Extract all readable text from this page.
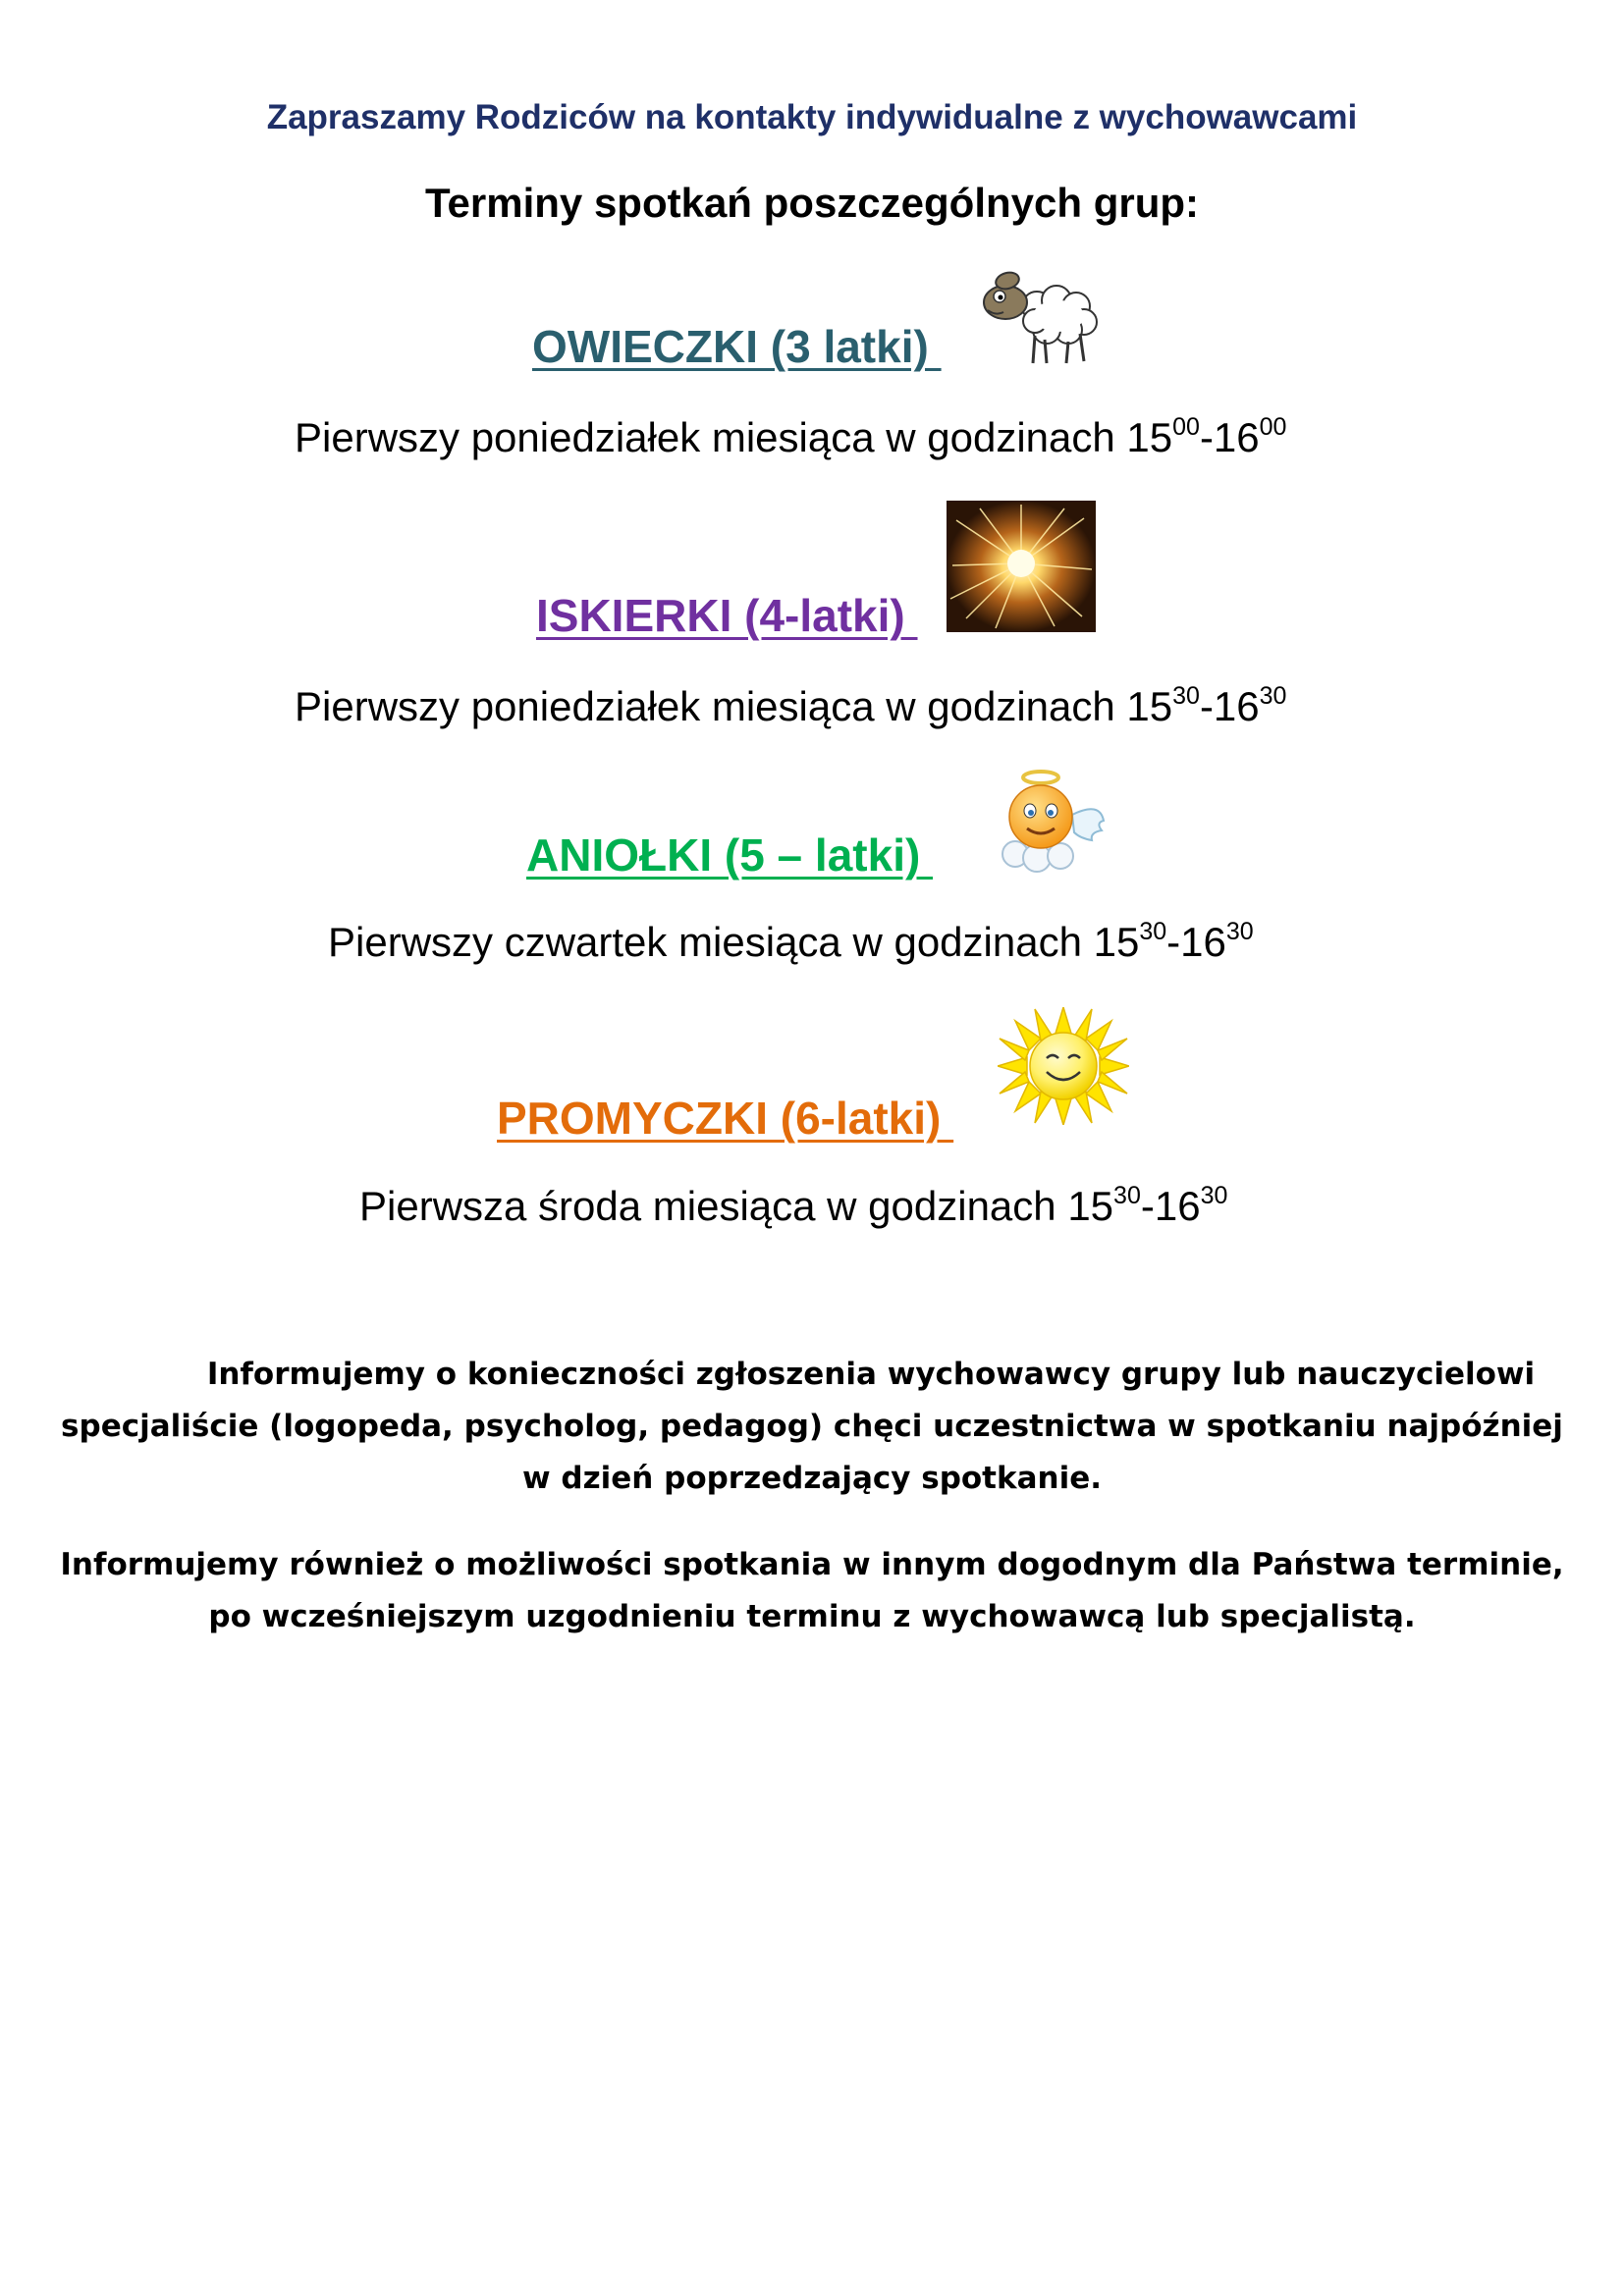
Zapraszamy Rodziców na kontakty indywidualne z wychowawcami
Terminy spotkań poszczególnych grup:
OWIECZKI (3 latki)
Pierwszy poniedziałek miesiąca w godzinach $15^{00}-16^{00}$
ISKIERKI (4-latki)
Pierwszy poniedziałek miesiąca w godzinach $15^{30}-16^{30}$
ANIOŁKI (5 – latki)
Pierwszy czwartek miesiąca w godzinach $15^{30}-16^{30}$
PROMYCZKI (6-latki)
Pierwsza środa miesiąca w godzinach $15^{30}-16^{30}$
Informujemy o konieczności zgłoszenia wychowawcy grupy lub nauczycielowi
specjaliście (logopeda, psycholog, pedagog) chęci uczestnictwa w spotkaniu najpóźniej
w dzień poprzedzający spotkanie.
Informujemy również o możliwości spotkania w innym dogodnym dla Państwa terminie,
po wcześniejszym uzgodnieniu terminu z wychowawcą lub specjalistą.
